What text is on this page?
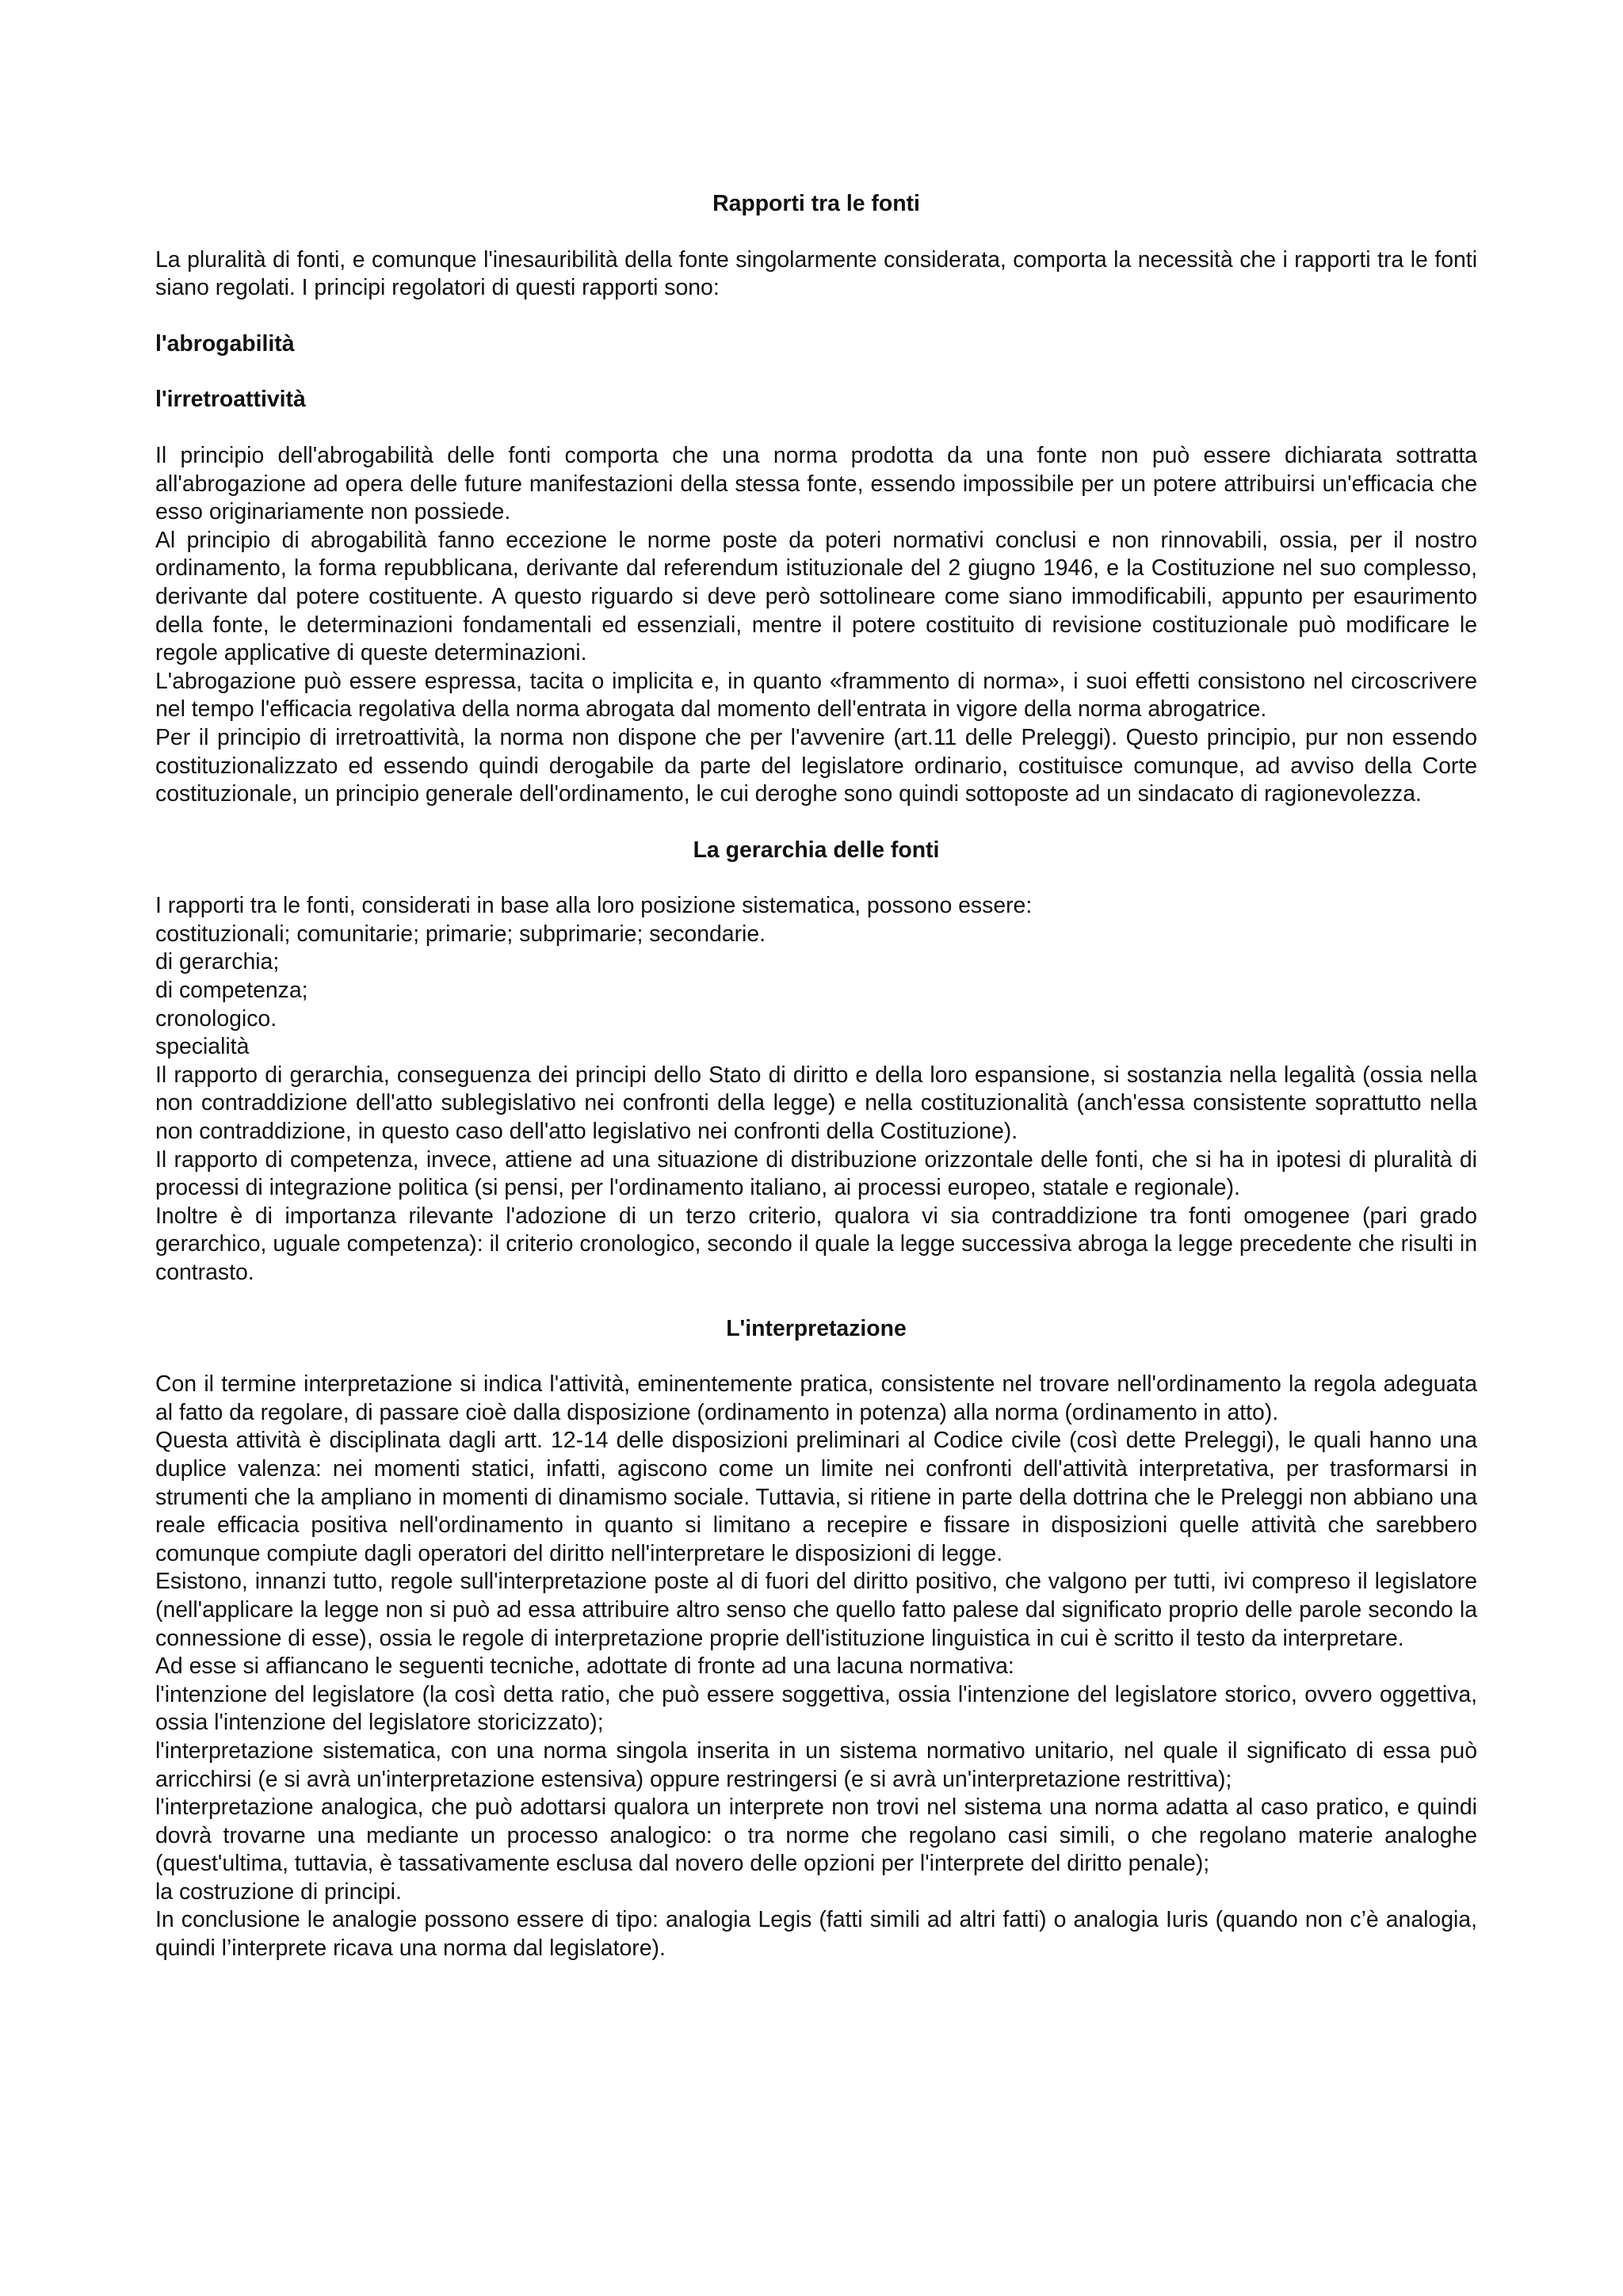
Rapporti tra le fonti

La pluralità di fonti, e comunque l'inesauribilità della fonte singolarmente considerata, comporta la necessità che i rapporti tra le fonti siano regolati. I principi regolatori di questi rapporti sono:

l'abrogabilità
l'irretroattività

Il principio dell'abrogabilità delle fonti comporta che una norma prodotta da una fonte non può essere dichiarata sottratta all'abrogazione ad opera delle future manifestazioni della stessa fonte, essendo impossibile per un potere attribuirsi un'efficacia che esso originariamente non possiede.

Al principio di abrogabilità fanno eccezione le norme poste da poteri normativi conclusi e non rinnovabili, ossia, per il nostro ordinamento, la forma repubblicana, derivante dal referendum istituzionale del 2 giugno 1946, e la Costituzione nel suo complesso, derivante dal potere costituente. A questo riguardo si deve però sottolineare come siano immodificabili, appunto per esaurimento della fonte, le determinazioni fondamentali ed essenziali, mentre il potere costituito di revisione costituzionale può modificare le regole applicative di queste determinazioni.

L'abrogazione può essere espressa, tacita o implicita e, in quanto «frammento di norma», i suoi effetti consistono nel circoscrivere nel tempo l'efficacia regolativa della norma abrogata dal momento dell'entrata in vigore della norma abrogatrice.

Per il principio di irretroattività, la norma non dispone che per l'avvenire (art.11 delle Preleggi). Questo principio, pur non essendo costituzionalizzato ed essendo quindi derogabile da parte del legislatore ordinario, costituisce comunque, ad avviso della Corte costituzionale, un principio generale dell'ordinamento, le cui deroghe sono quindi sottoposte ad un sindacato di ragionevolezza.

La gerarchia delle fonti

I rapporti tra le fonti, considerati in base alla loro posizione sistematica, possono essere:

costituzionali; comunitarie; primarie; subprimarie; secondarie.
di gerarchia;
di competenza;
cronologico.
specialità

Il rapporto di gerarchia, conseguenza dei principi dello Stato di diritto e della loro espansione, si sostanzia nella legalità (ossia nella non contraddizione dell'atto sublegislativo nei confronti della legge) e nella costituzionalità (anch'essa consistente soprattutto nella non contraddizione, in questo caso dell'atto legislativo nei confronti della Costituzione).

Il rapporto di competenza, invece, attiene ad una situazione di distribuzione orizzontale delle fonti, che si ha in ipotesi di pluralità di processi di integrazione politica (si pensi, per l'ordinamento italiano, ai processi europeo, statale e regionale).

Inoltre è di importanza rilevante l'adozione di un terzo criterio, qualora vi sia contraddizione tra fonti omogenee (pari grado gerarchico, uguale competenza): il criterio cronologico, secondo il quale la legge successiva abroga la legge precedente che risulti in contrasto.

L'interpretazione

Con il termine interpretazione si indica l'attività, eminentemente pratica, consistente nel trovare nell'ordinamento la regola adeguata al fatto da regolare, di passare cioè dalla disposizione (ordinamento in potenza) alla norma (ordinamento in atto).

Questa attività è disciplinata dagli artt. 12-14 delle disposizioni preliminari al Codice civile (così dette Preleggi), le quali hanno una duplice valenza: nei momenti statici, infatti, agiscono come un limite nei confronti dell'attività interpretativa, per trasformarsi in strumenti che la ampliano in momenti di dinamismo sociale. Tuttavia, si ritiene in parte della dottrina che le Preleggi non abbiano una reale efficacia positiva nell'ordinamento in quanto si limitano a recepire e fissare in disposizioni quelle attività che sarebbero comunque compiute dagli operatori del diritto nell'interpretare le disposizioni di legge.

Esistono, innanzi tutto, regole sull'interpretazione poste al di fuori del diritto positivo, che valgono per tutti, ivi compreso il legislatore (nell'applicare la legge non si può ad essa attribuire altro senso che quello fatto palese dal significato proprio delle parole secondo la connessione di esse), ossia le regole di interpretazione proprie dell'istituzione linguistica in cui è scritto il testo da interpretare.

Ad esse si affiancano le seguenti tecniche, adottate di fronte ad una lacuna normativa:

l'intenzione del legislatore (la così detta ratio, che può essere soggettiva, ossia l'intenzione del legislatore storico, ovvero oggettiva, ossia l'intenzione del legislatore storicizzato);

l'interpretazione sistematica, con una norma singola inserita in un sistema normativo unitario, nel quale il significato di essa può arricchirsi (e si avrà un'interpretazione estensiva) oppure restringersi (e si avrà un'interpretazione restrittiva);

l'interpretazione analogica, che può adottarsi qualora un interprete non trovi nel sistema una norma adatta al caso pratico, e quindi dovrà trovarne una mediante un processo analogico: o tra norme che regolano casi simili, o che regolano materie analoghe (quest'ultima, tuttavia, è tassativamente esclusa dal novero delle opzioni per l'interprete del diritto penale);

la costruzione di principi.

In conclusione le analogie possono essere di tipo: analogia Legis (fatti simili ad altri fatti) o analogia Iuris (quando non c’è analogia, quindi l’interprete ricava una norma dal legislatore).
